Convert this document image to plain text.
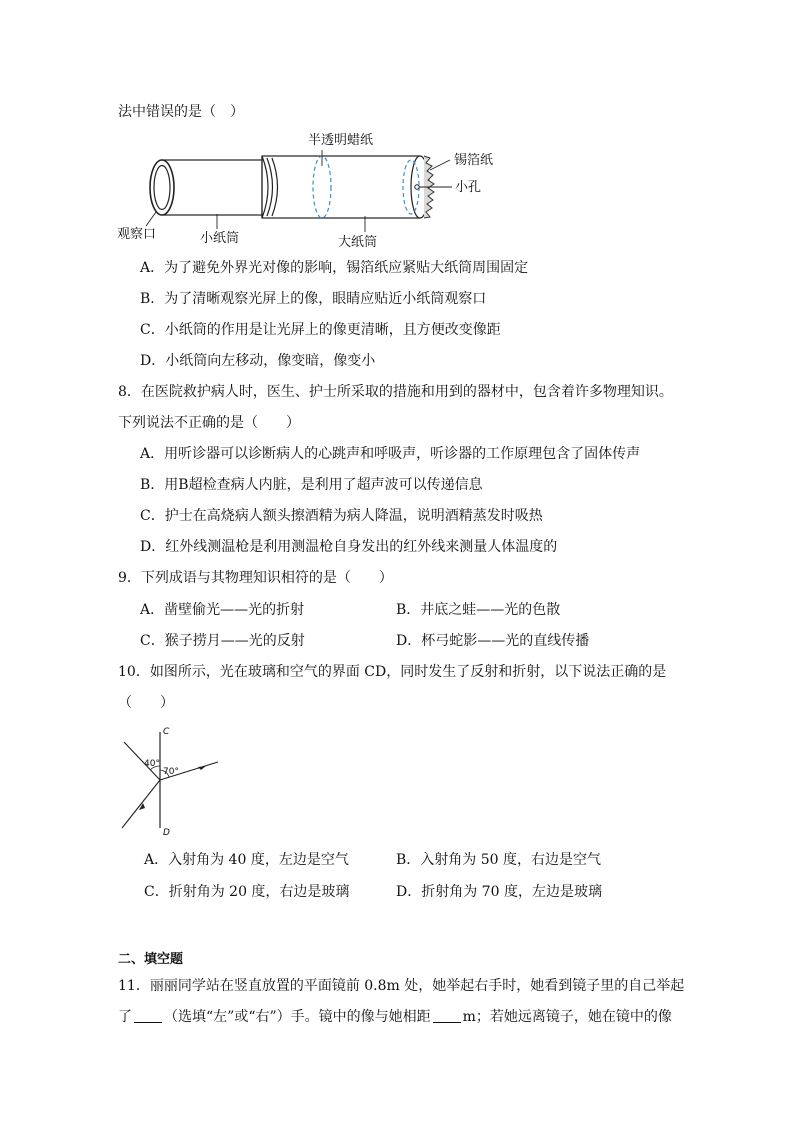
法中错误的是（　）
半透明蜡纸
锡箔纸
小孔
观察口	小纸筒	大纸筒
A．为了避免外界光对像的影响，锡箔纸应紧贴大纸筒周围固定
B．为了清晰观察光屏上的像，眼睛应贴近小纸筒观察口
C．小纸筒的作用是让光屏上的像更清晰，且方便改变像距
D．小纸筒向左移动，像变暗，像变小
8．在医院救护病人时，医生、护士所采取的措施和用到的器材中，包含着许多物理知识。
下列说法不正确的是（　　）
A．用听诊器可以诊断病人的心跳声和呼吸声，听诊器的工作原理包含了固体传声
B．用B超检查病人内脏，是利用了超声波可以传递信息
C．护士在高烧病人额头擦酒精为病人降温，说明酒精蒸发时吸热
D．红外线测温枪是利用测温枪自身发出的红外线来测量人体温度的
9．下列成语与其物理知识相符的是（　　）
A．凿壁偷光——光的折射	B．井底之蛙——光的色散
C．猴子捞月——光的反射	D．杯弓蛇影——光的直线传播
10．如图所示，光在玻璃和空气的界面 CD，同时发生了反射和折射，以下说法正确的是
（　　）
C
D
40°
70°
A．入射角为 40 度，左边是空气	B．入射角为 50 度，右边是空气
C．折射角为 20 度，右边是玻璃	D．折射角为 70 度，左边是玻璃
二、填空题
11．丽丽同学站在竖直放置的平面镜前 0.8m 处，她举起右手时，她看到镜子里的自己举起
了 （选填“左”或“右”）手。镜中的像与她相距 m；若她远离镜子，她在镜中的像
